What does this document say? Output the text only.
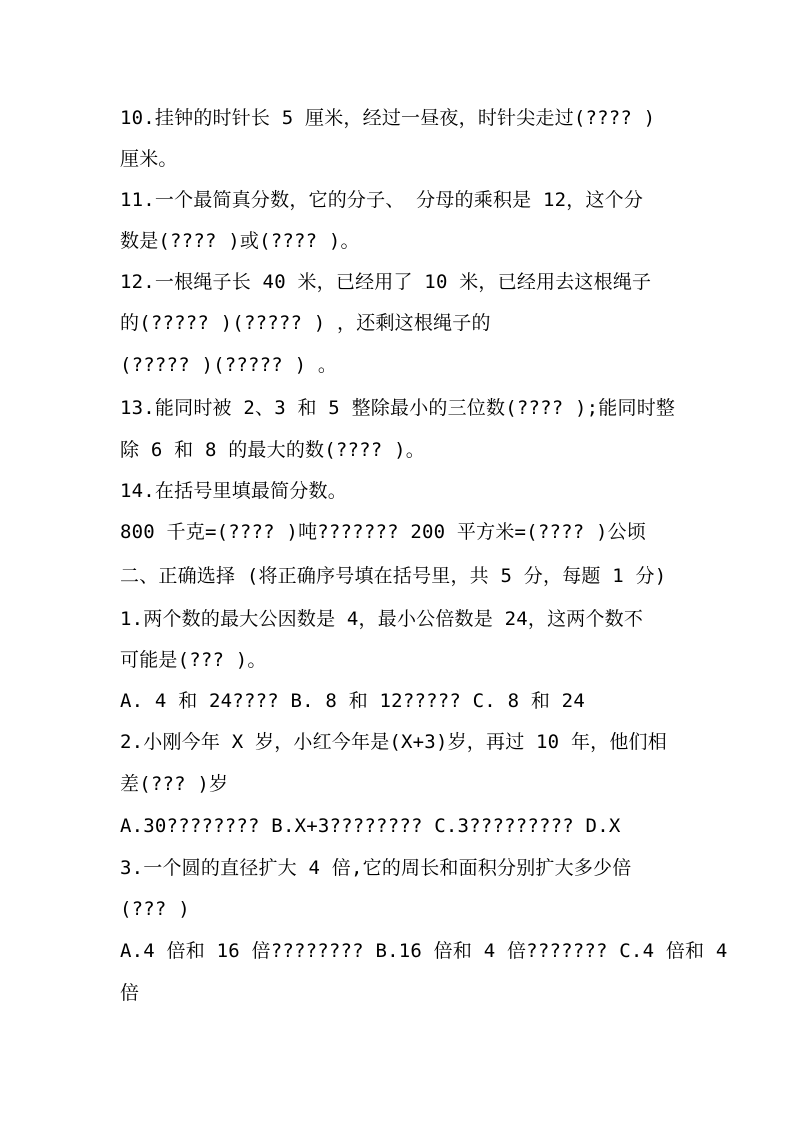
10.挂钟的时针长 5 厘米，经过一昼夜，时针尖走过(???? )

厘米。

11.一个最简真分数，它的分子、 分母的乘积是 12，这个分

数是(???? )或(???? )。

12.一根绳子长 40 米，已经用了 10 米，已经用去这根绳子

的(????? )(????? ) ，还剩这根绳子的

(????? )(????? ) 。

13.能同时被 2、3 和 5 整除最小的三位数(???? );能同时整

除 6 和 8 的最大的数(???? )。

14.在括号里填最简分数。

800 千克=(???? )吨??????? 200 平方米=(???? )公顷

二、正确选择 (将正确序号填在括号里，共 5 分，每题 1 分)

1.两个数的最大公因数是 4，最小公倍数是 24，这两个数不

可能是(??? )。

A. 4 和 24???? B. 8 和 12????? C. 8 和 24

2.小刚今年 X 岁，小红今年是(X+3)岁，再过 10 年，他们相

差(??? )岁

A.30???????? B.X+3???????? C.3????????? D.X

3.一个圆的直径扩大 4 倍,它的周长和面积分别扩大多少倍

(??? )

A.4 倍和 16 倍???????? B.16 倍和 4 倍??????? C.4 倍和 4

倍
